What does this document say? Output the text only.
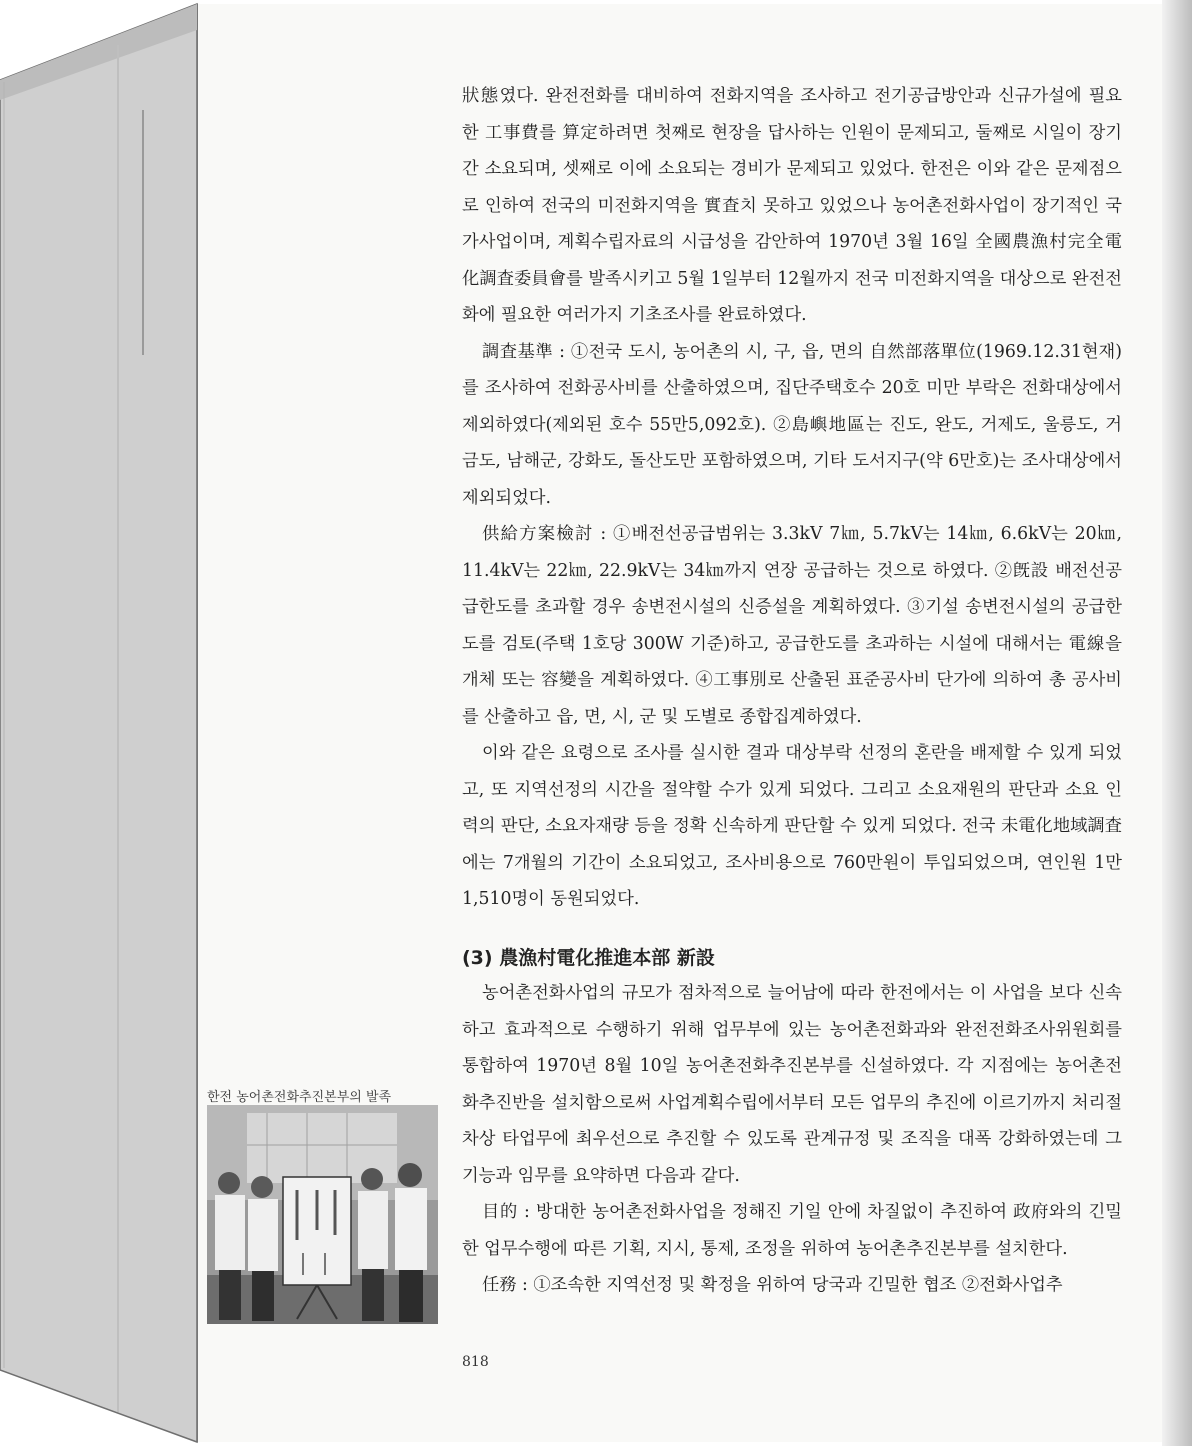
狀態였다. 완전전화를 대비하여 전화지역을 조사하고 전기공급방안과 신규가설에 필요한 工事費를 算定하려면 첫째로 현장을 답사하는 인원이 문제되고, 둘째로 시일이 장기간 소요되며, 셋째로 이에 소요되는 경비가 문제되고 있었다. 한전은 이와 같은 문제점으로 인하여 전국의 미전화지역을 實査치 못하고 있었으나 농어촌전화사업이 장기적인 국가사업이며, 계획수립자료의 시급성을 감안하여 1970년 3월 16일 全國農漁村完全電化調査委員會를 발족시키고 5월 1일부터 12월까지 전국 미전화지역을 대상으로 완전전화에 필요한 여러가지 기초조사를 완료하였다.

調査基準 : ①전국 도시, 농어촌의 시, 구, 읍, 면의 自然部落單位(1969.12.31현재)를 조사하여 전화공사비를 산출하였으며, 집단주택호수 20호 미만 부락은 전화대상에서 제외하였다(제외된 호수 55만5,092호). ②島嶼地區는 진도, 완도, 거제도, 울릉도, 거금도, 남해군, 강화도, 돌산도만 포함하였으며, 기타 도서지구(약 6만호)는 조사대상에서 제외되었다.

供給方案檢討 : ①배전선공급범위는 3.3kV 7㎞, 5.7kV는 14㎞, 6.6kV는 20㎞, 11.4kV는 22㎞, 22.9kV는 34㎞까지 연장 공급하는 것으로 하였다. ②旣設 배전선공급한도를 초과할 경우 송변전시설의 신증설을 계획하였다. ③기설 송변전시설의 공급한도를 검토(주택 1호당 300W 기준)하고, 공급한도를 초과하는 시설에 대해서는 電線을 개체 또는 容變을 계획하였다. ④工事別로 산출된 표준공사비 단가에 의하여 총 공사비를 산출하고 읍, 면, 시, 군 및 도별로 종합집계하였다.

이와 같은 요령으로 조사를 실시한 결과 대상부락 선정의 혼란을 배제할 수 있게 되었고, 또 지역선정의 시간을 절약할 수가 있게 되었다. 그리고 소요재원의 판단과 소요 인력의 판단, 소요자재량 등을 정확 신속하게 판단할 수 있게 되었다. 전국 未電化地域調査에는 7개월의 기간이 소요되었고, 조사비용으로 760만원이 투입되었으며, 연인원 1만1,510명이 동원되었다.

(3) 農漁村電化推進本部 新設

농어촌전화사업의 규모가 점차적으로 늘어남에 따라 한전에서는 이 사업을 보다 신속하고 효과적으로 수행하기 위해 업무부에 있는 농어촌전화과와 완전전화조사위원회를 통합하여 1970년 8월 10일 농어촌전화추진본부를 신설하였다. 각 지점에는 농어촌전화추진반을 설치함으로써 사업계획수립에서부터 모든 업무의 추진에 이르기까지 처리절차상 타업무에 최우선으로 추진할 수 있도록 관계규정 및 조직을 대폭 강화하였는데 그 기능과 임무를 요약하면 다음과 같다.

目的 : 방대한 농어촌전화사업을 정해진 기일 안에 차질없이 추진하여 政府와의 긴밀한 업무수행에 따른 기획, 지시, 통제, 조정을 위하여 농어촌추진본부를 설치한다.

任務 : ①조속한 지역선정 및 확정을 위하여 당국과 긴밀한 협조 ②전화사업추

한전 농어촌전화추진본부의 발족
818
